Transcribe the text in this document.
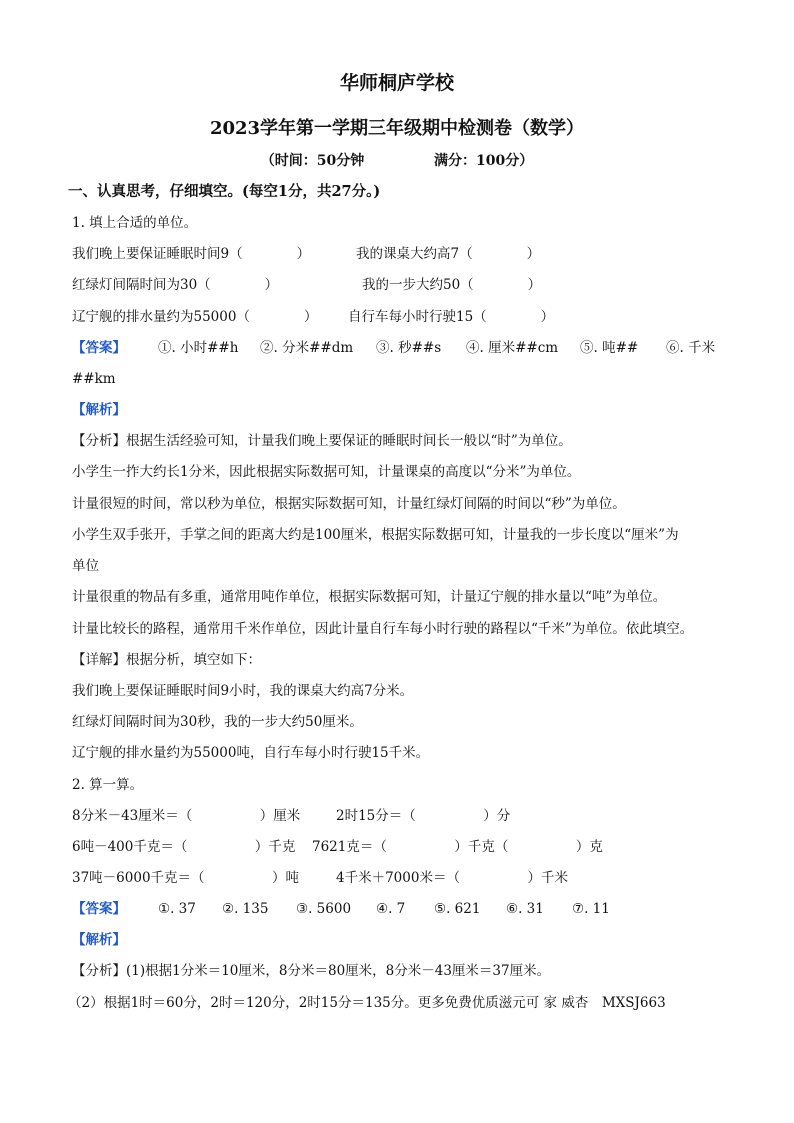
华师桐庐学校
2023学年第一学期三年级期中检测卷（数学）
（时间：50分钟	满分：100分）
一、认真思考，仔细填空。(每空1分，共27分。)
1. 填上合适的单位。
我们晚上要保证睡眠时间9（　　　　）	我的课桌大约高7（　　　　）
红绿灯间隔时间为30（　　　　）	我的一步大约50（　　　　）
辽宁舰的排水量约为55000（　　　　） 自行车每小时行驶15（　　　　）
【答案】 ①. 小时##h ②. 分米##dm ③. 秒##s ④. 厘米##cm ⑤. 吨## ⑥. 千米
##km
【解析】
【分析】根据生活经验可知，计量我们晚上要保证的睡眠时间长一般以“时”为单位。
小学生一拃大约长1分米，因此根据实际数据可知，计量课桌的高度以“分米”为单位。
计量很短的时间，常以秒为单位，根据实际数据可知，计量红绿灯间隔的时间以“秒”为单位。
小学生双手张开，手掌之间的距离大约是100厘米，根据实际数据可知，计量我的一步长度以“厘米”为
单位
计量很重的物品有多重，通常用吨作单位，根据实际数据可知，计量辽宁舰的排水量以“吨”为单位。
计量比较长的路程，通常用千米作单位，因此计量自行车每小时行驶的路程以“千米”为单位。依此填空。
【详解】根据分析，填空如下：
我们晚上要保证睡眠时间9小时，我的课桌大约高7分米。
红绿灯间隔时间为30秒，我的一步大约50厘米。
辽宁舰的排水量约为55000吨，自行车每小时行驶15千米。
2. 算一算。
8分米－43厘米＝（　　　　　）厘米	2时15分＝（　　　　　）分
6吨－400千克＝（　　　　　）千克 7621克＝（　　　　　）千克（　　　　　）克
37吨－6000千克＝（　　　　　）吨	4千米＋7000米＝（　　　　　）千米
【答案】 ①. 37 ②. 135 ③. 5600 ④. 7 ⑤. 621 ⑥. 31 ⑦. 11
【解析】
【分析】(1)根据1分米＝10厘米，8分米＝80厘米，8分米－43厘米＝37厘米。
（2）根据1时＝60分，2时＝120分，2时15分＝135分。更多免费优质滋元可 家 威杏　MXSJ663
